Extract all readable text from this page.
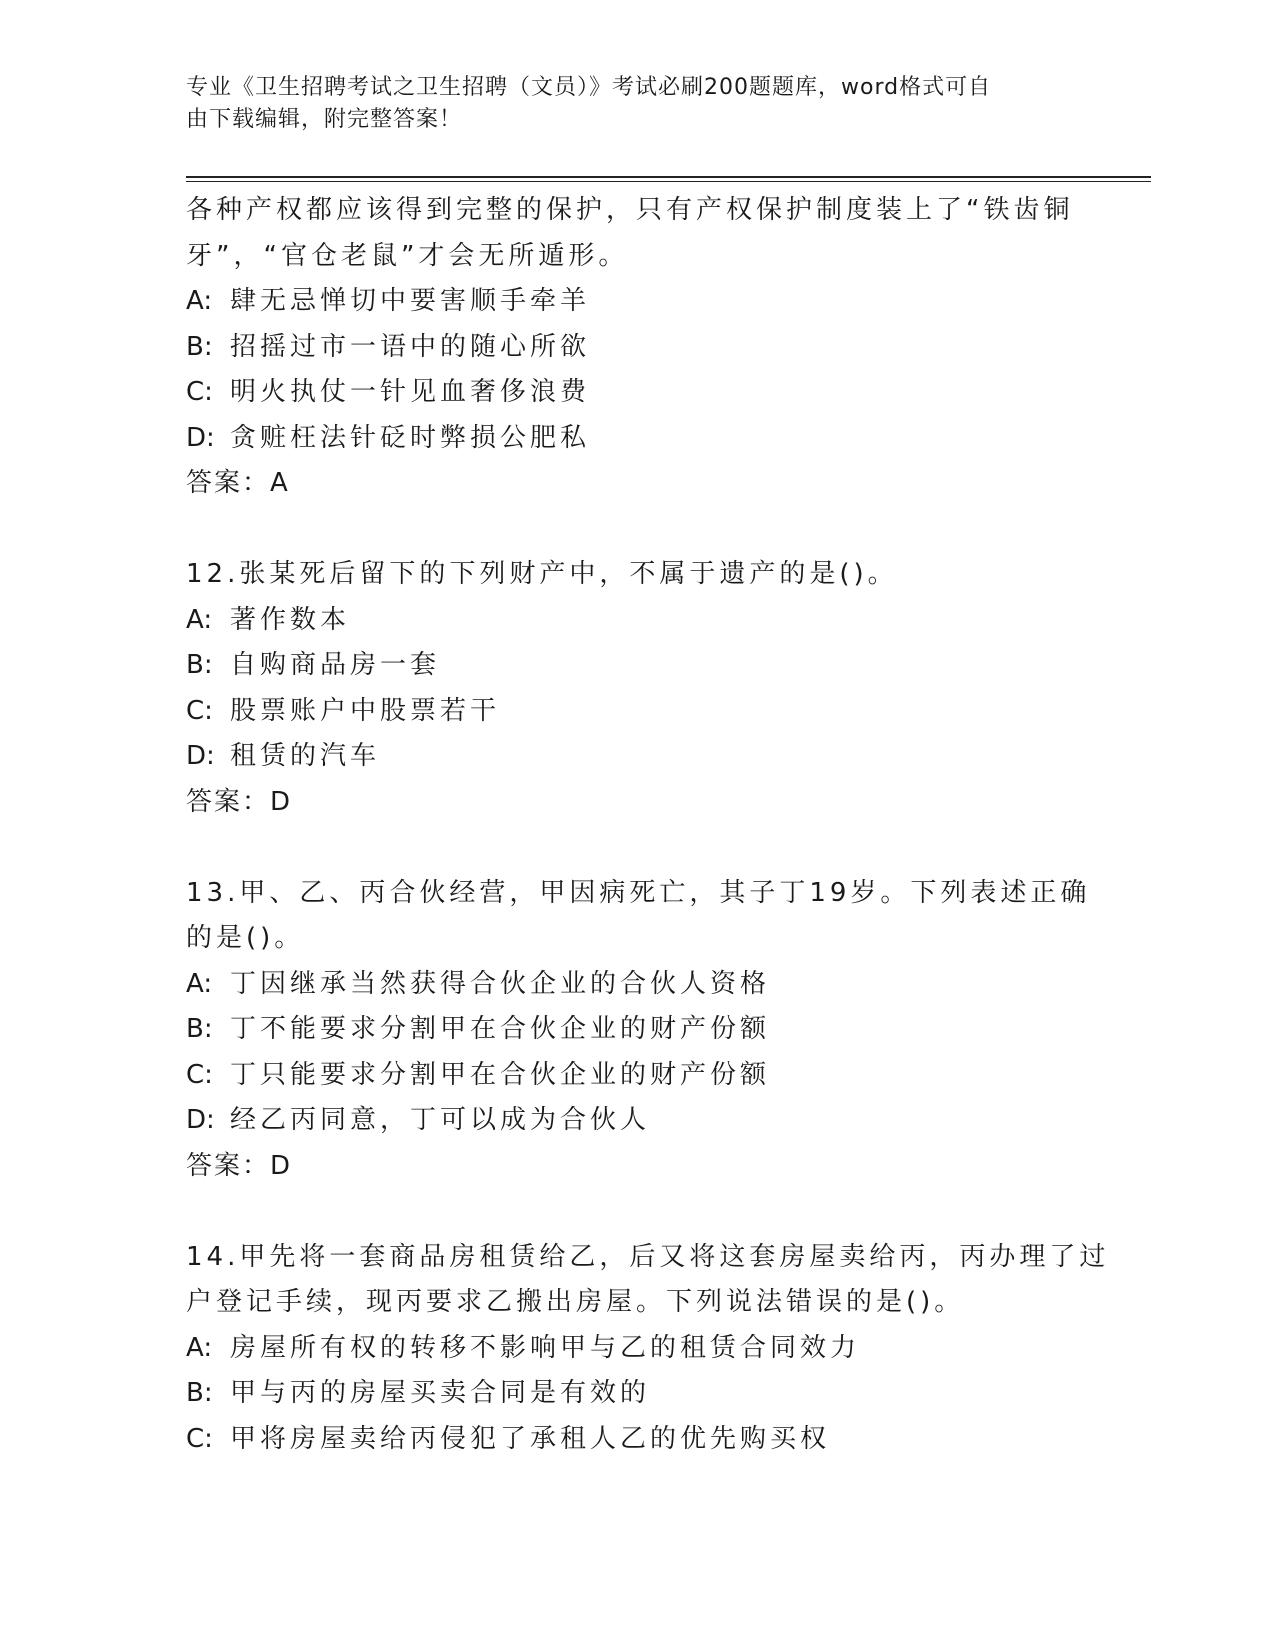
专业《卫生招聘考试之卫生招聘（文员）》考试必刷200题题库，word格式可自
由下载编辑，附完整答案！
各种产权都应该得到完整的保护，只有产权保护制度装上了“铁齿铜
牙”，“官仓老鼠”才会无所遁形。
A: 肆无忌惮切中要害顺手牵羊
B: 招摇过市一语中的随心所欲
C: 明火执仗一针见血奢侈浪费
D: 贪赃枉法针砭时弊损公肥私
答案：A
12.张某死后留下的下列财产中，不属于遗产的是()。
A: 著作数本
B: 自购商品房一套
C: 股票账户中股票若干
D: 租赁的汽车
答案：D
13.甲、乙、丙合伙经营，甲因病死亡，其子丁19岁。下列表述正确
的是()。
A: 丁因继承当然获得合伙企业的合伙人资格
B: 丁不能要求分割甲在合伙企业的财产份额
C: 丁只能要求分割甲在合伙企业的财产份额
D: 经乙丙同意，丁可以成为合伙人
答案：D
14.甲先将一套商品房租赁给乙，后又将这套房屋卖给丙，丙办理了过
户登记手续，现丙要求乙搬出房屋。下列说法错误的是()。
A: 房屋所有权的转移不影响甲与乙的租赁合同效力
B: 甲与丙的房屋买卖合同是有效的
C: 甲将房屋卖给丙侵犯了承租人乙的优先购买权
